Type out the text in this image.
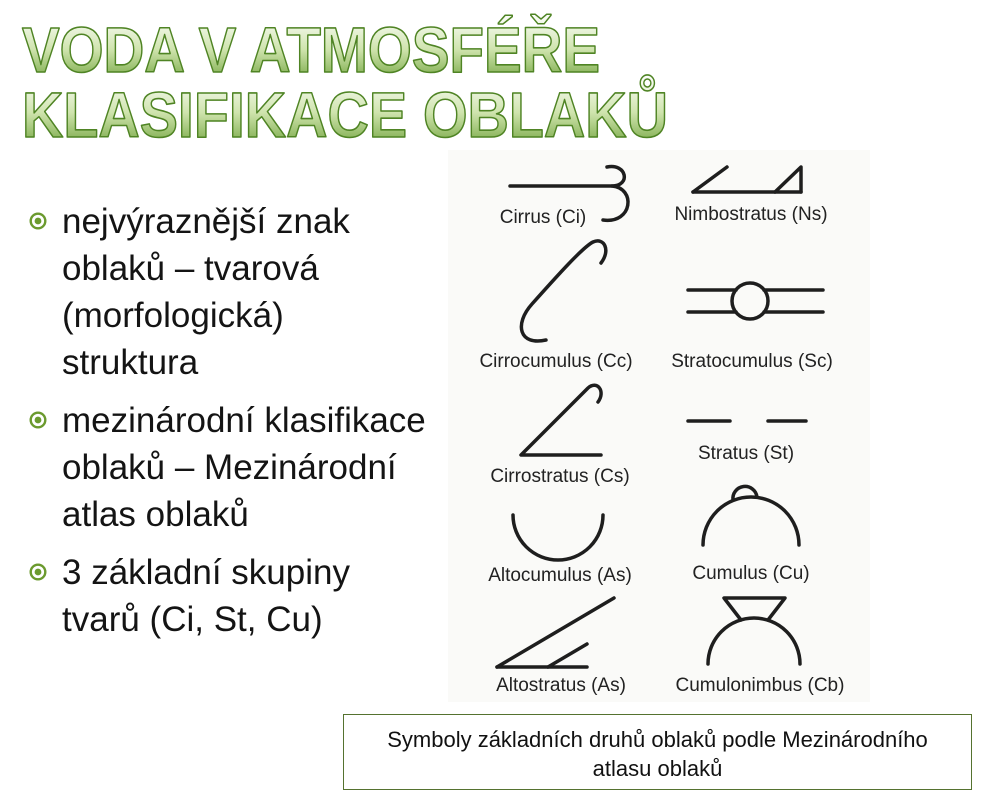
VODA V ATMOSFÉŘE
KLASIFIKACE OBLAKŮ
nejvýraznější znak
oblaků – tvarová
(morfologická)
struktura
mezinárodní klasifikace
oblaků – Mezinárodní
atlas oblaků
3 základní skupiny
tvarů (Ci, St, Cu)
Cirrus (Ci)	Nimbostratus (Ns)
Cirrocumulus (Cc) Stratocumulus (Sc)
Cirrostratus (Cs)
Stratus (St)
Altocumulus (As)	Cumulus (Cu)
Altostratus (As)	Cumulonimbus (Cb)
Symboly základních druhů oblaků podle Mezinárodního
atlasu oblaků
